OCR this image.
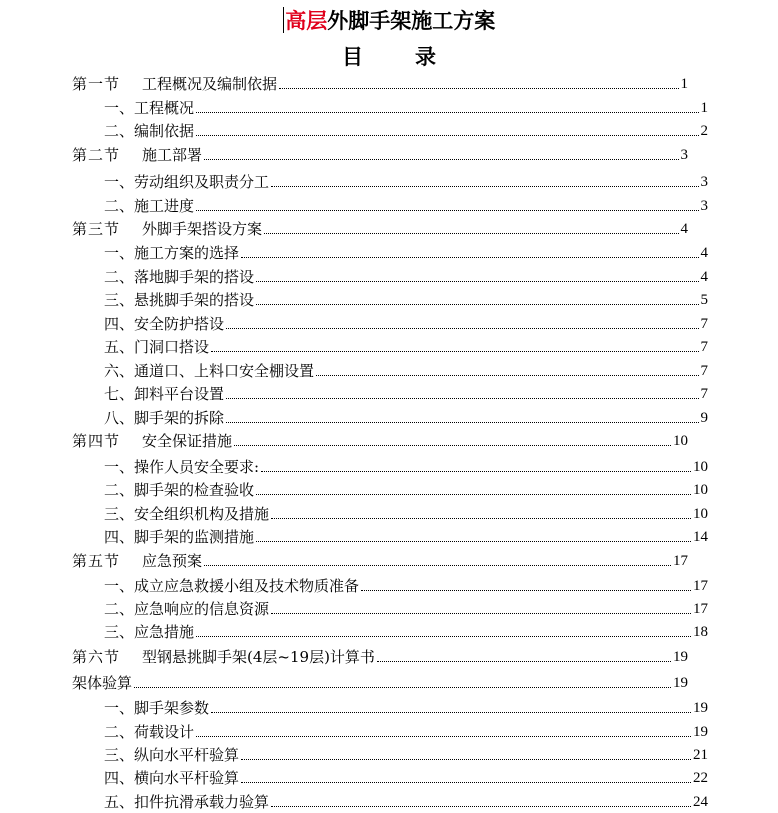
高层外脚手架施工方案
目 录
第一节 工程概况及编制依据	1
一、 工程概况	1
二、 编制依据	2
第二节 施工部署	3
一、 劳动组织及职责分工	3
二、 施工进度	3
第三节 外脚手架搭设方案	4
一、 施工方案的选择	4
二、 落地脚手架的搭设	4
三、 悬挑脚手架的搭设	5
四、 安全防护搭设	7
五、 门洞口搭设	7
六、 通道口、上料口安全棚设置	7
七、 卸料平台设置	7
八、 脚手架的拆除	9
第四节 安全保证措施	10
一、 操作人员安全要求:	10
二、 脚手架的检查验收	10
三、 安全组织机构及措施	10
四、 脚手架的监测措施	14
第五节 应急预案	17
一、 成立应急救援小组及技术物质准备	17
二、 应急响应的信息资源	17
三、 应急措施	18
第六节 型钢悬挑脚手架(4层~19层)计算书	19
架体验算	19
一、 脚手架参数	19
二、 荷载设计	19
三、 纵向水平杆验算	21
四、 横向水平杆验算	22
五、 扣件抗滑承载力验算	24
